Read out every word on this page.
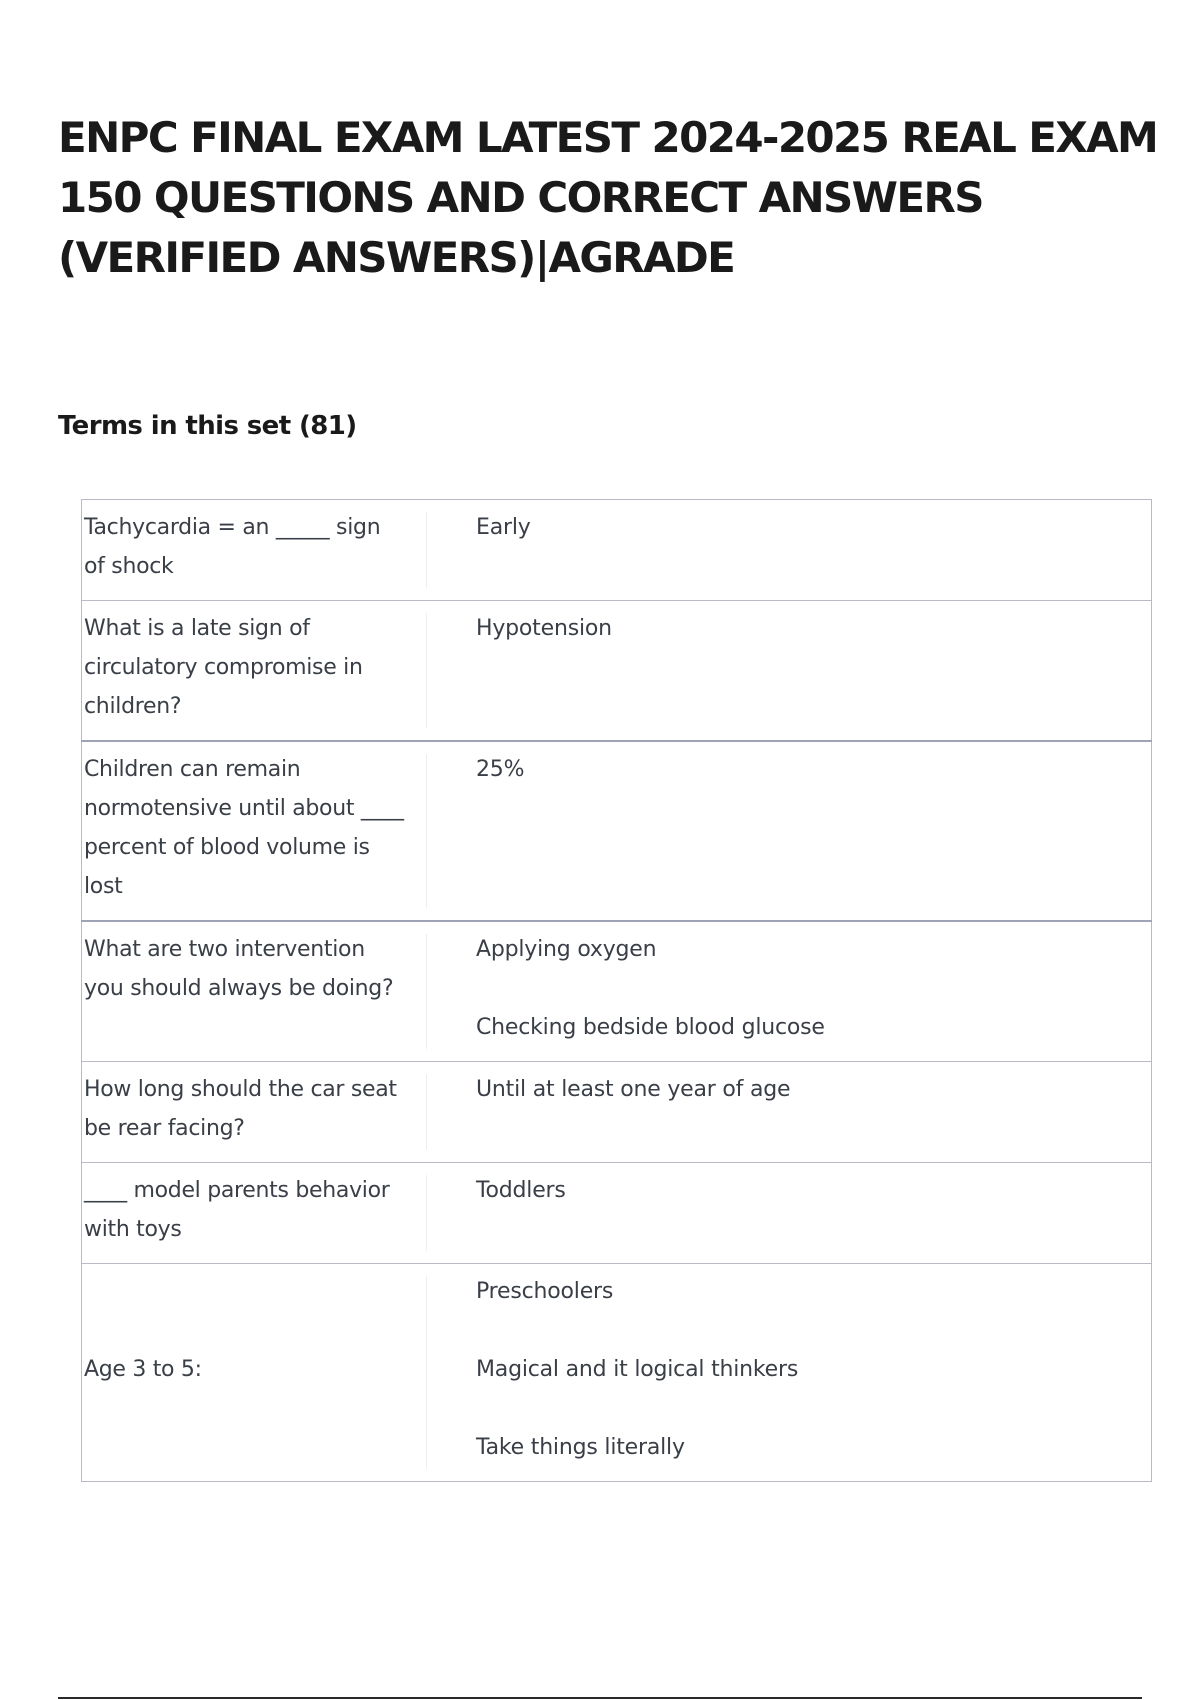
ENPC FINAL EXAM LATEST 2024-2025 REAL EXAM 150 QUESTIONS AND CORRECT ANSWERS (VERIFIED ANSWERS)|AGRADE
Terms in this set (81)
Tachycardia = an _____ sign of shock	Early

What is a late sign of circulatory compromise in children?	Hypotension

Children can remain normotensive until about ____ percent of blood volume is lost	25%

What are two intervention you should always be doing?	Applying oxygen
Checking bedside blood glucose

How long should the car seat be rear facing?	Until at least one year of age

____ model parents behavior with toys	Toddlers

Age 3 to 5:	Preschoolers
Magical and it logical thinkers
Take things literally
